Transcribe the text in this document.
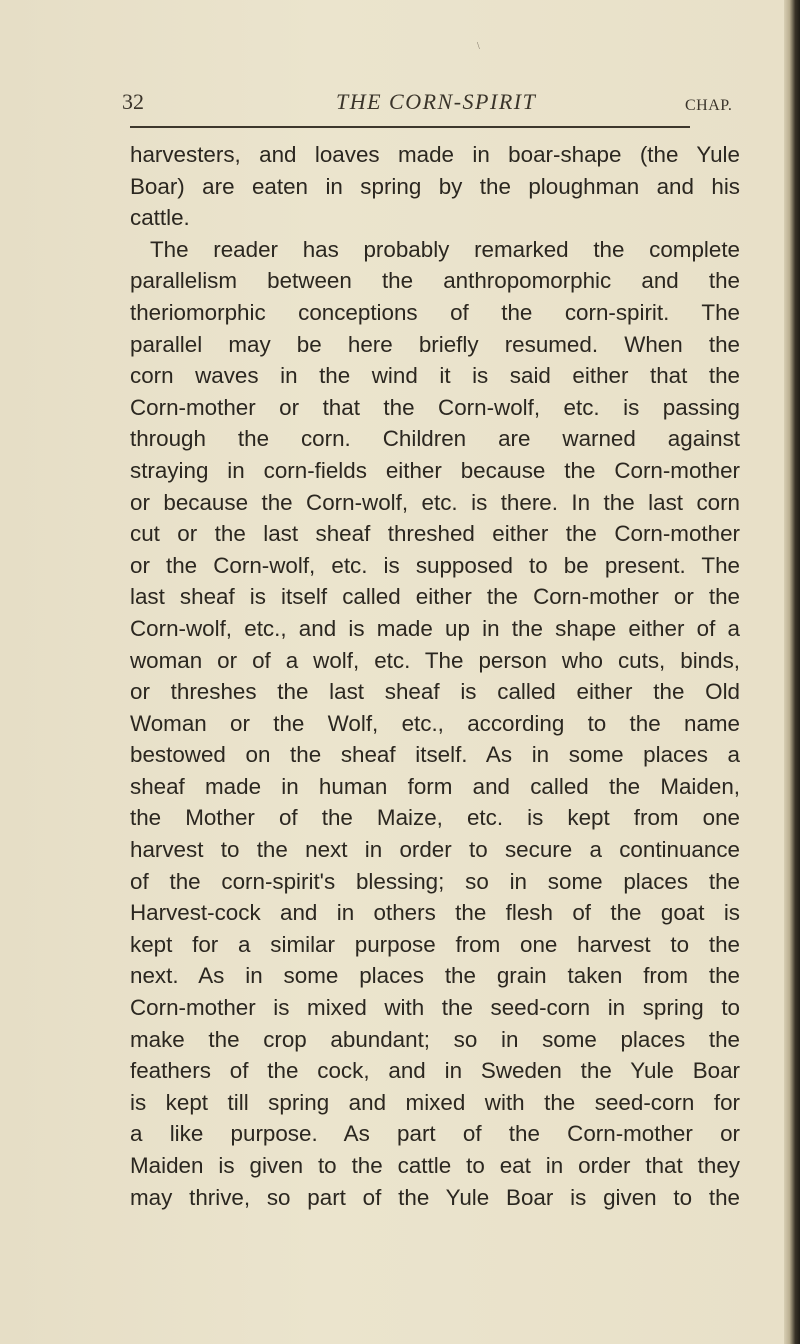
\
32	THE CORN-SPIRIT	CHAP.
harvesters, and loaves made in boar-shape (the Yule
Boar) are eaten in spring by the ploughman and his
cattle.
The reader has probably remarked the complete
parallelism between the anthropomorphic and the
theriomorphic conceptions of the corn-spirit. The
parallel may be here briefly resumed. When the
corn waves in the wind it is said either that the
Corn-mother or that the Corn-wolf, etc. is passing
through the corn. Children are warned against
straying in corn-fields either because the Corn-mother
or because the Corn-wolf, etc. is there. In the last corn
cut or the last sheaf threshed either the Corn-mother
or the Corn-wolf, etc. is supposed to be present. The
last sheaf is itself called either the Corn-mother or the
Corn-wolf, etc., and is made up in the shape either of a
woman or of a wolf, etc. The person who cuts, binds,
or threshes the last sheaf is called either the Old
Woman or the Wolf, etc., according to the name
bestowed on the sheaf itself. As in some places a
sheaf made in human form and called the Maiden,
the Mother of the Maize, etc. is kept from one
harvest to the next in order to secure a continuance
of the corn-spirit's blessing; so in some places the
Harvest-cock and in others the flesh of the goat is
kept for a similar purpose from one harvest to the
next. As in some places the grain taken from the
Corn-mother is mixed with the seed-corn in spring to
make the crop abundant; so in some places the
feathers of the cock, and in Sweden the Yule Boar
is kept till spring and mixed with the seed-corn for
a like purpose. As part of the Corn-mother or
Maiden is given to the cattle to eat in order that they
may thrive, so part of the Yule Boar is given to the
